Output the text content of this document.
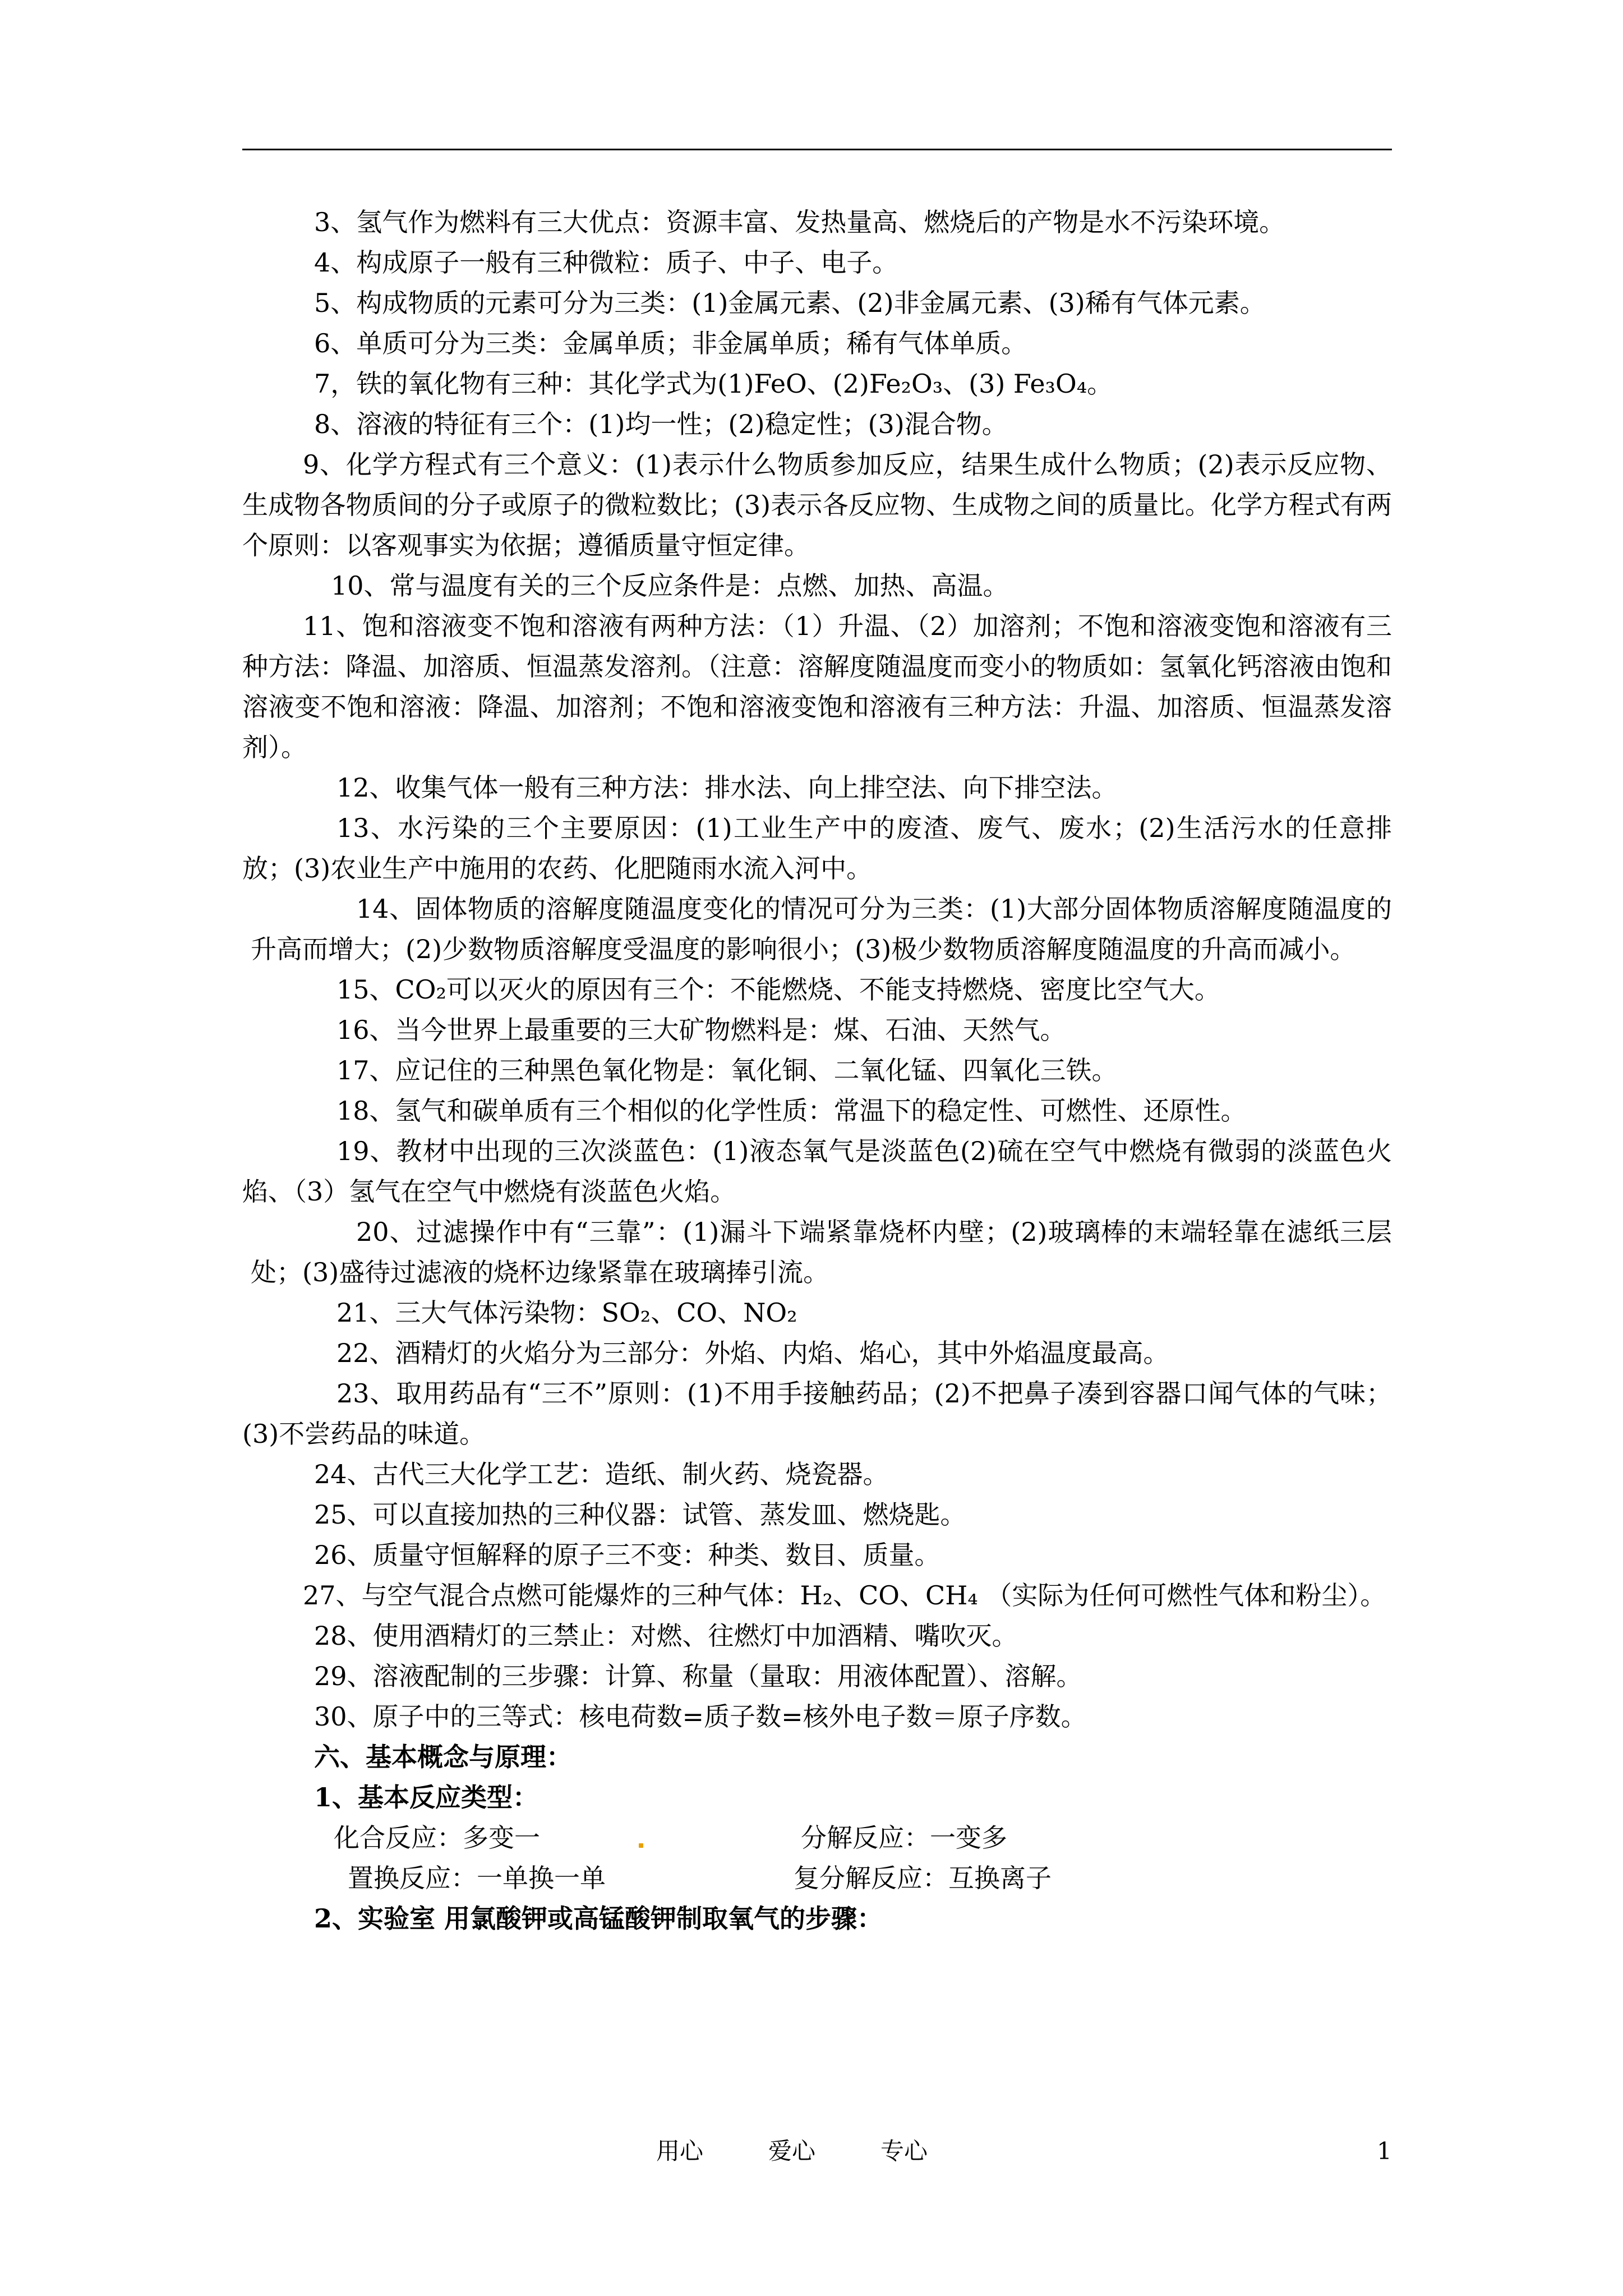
3、氢气作为燃料有三大优点：资源丰富、发热量高、燃烧后的产物是水不污染环境。

4、构成原子一般有三种微粒：质子、中子、电子。

5、构成物质的元素可分为三类：(1)金属元素、(2)非金属元素、(3)稀有气体元素。

6、单质可分为三类：金属单质；非金属单质；稀有气体单质。

7，铁的氧化物有三种：其化学式为(1)FeO、(2)Fe₂O₃、(3) Fe₃O₄。

8、溶液的特征有三个：(1)均一性；(2)稳定性；(3)混合物。

9、化学方程式有三个意义：(1)表示什么物质参加反应，结果生成什么物质；(2)表示反应物、生成物各物质间的分子或原子的微粒数比；(3)表示各反应物、生成物之间的质量比。化学方程式有两个原则：以客观事实为依据；遵循质量守恒定律。

10、常与温度有关的三个反应条件是：点燃、加热、高温。

11、饱和溶液变不饱和溶液有两种方法：（1）升温、（2）加溶剂；不饱和溶液变饱和溶液有三种方法：降温、加溶质、恒温蒸发溶剂。（注意：溶解度随温度而变小的物质如：氢氧化钙溶液由饱和溶液变不饱和溶液：降温、加溶剂；不饱和溶液变饱和溶液有三种方法：升温、加溶质、恒温蒸发溶剂）。

12、收集气体一般有三种方法：排水法、向上排空法、向下排空法。

13、水污染的三个主要原因：(1)工业生产中的废渣、废气、废水；(2)生活污水的任意排放；(3)农业生产中施用的农药、化肥随雨水流入河中。

14、固体物质的溶解度随温度变化的情况可分为三类：(1)大部分固体物质溶解度随温度的升高而增大；(2)少数物质溶解度受温度的影响很小；(3)极少数物质溶解度随温度的升高而减小。

15、CO₂可以灭火的原因有三个：不能燃烧、不能支持燃烧、密度比空气大。

16、当今世界上最重要的三大矿物燃料是：煤、石油、天然气。

17、应记住的三种黑色氧化物是：氧化铜、二氧化锰、四氧化三铁。

18、氢气和碳单质有三个相似的化学性质：常温下的稳定性、可燃性、还原性。

19、教材中出现的三次淡蓝色：(1)液态氧气是淡蓝色(2)硫在空气中燃烧有微弱的淡蓝色火焰、（3）氢气在空气中燃烧有淡蓝色火焰。

20、过滤操作中有“三靠”：(1)漏斗下端紧靠烧杯内壁；(2)玻璃棒的末端轻靠在滤纸三层处；(3)盛待过滤液的烧杯边缘紧靠在玻璃捧引流。

21、三大气体污染物：SO₂、CO、NO₂

22、酒精灯的火焰分为三部分：外焰、内焰、焰心，其中外焰温度最高。

23、取用药品有“三不”原则：(1)不用手接触药品；(2)不把鼻子凑到容器口闻气体的气味；(3)不尝药品的味道。

24、古代三大化学工艺：造纸、制火药、烧瓷器。

25、可以直接加热的三种仪器：试管、蒸发皿、燃烧匙。

26、质量守恒解释的原子三不变：种类、数目、质量。

27、与空气混合点燃可能爆炸的三种气体：H₂、CO、CH₄ （实际为任何可燃性气体和粉尘）。

28、使用酒精灯的三禁止：对燃、往燃灯中加酒精、嘴吹灭。

29、溶液配制的三步骤：计算、称量（量取：用液体配置）、溶解。

30、原子中的三等式：核电荷数=质子数=核外电子数＝原子序数。

六、基本概念与原理：

1、基本反应类型：

化合反应：多变一	分解反应：一变多
置换反应：一单换一单	复分解反应：互换离子

2、实验室 用氯酸钾或高锰酸钾制取氧气的步骤：

用心	爱心	专心	1
